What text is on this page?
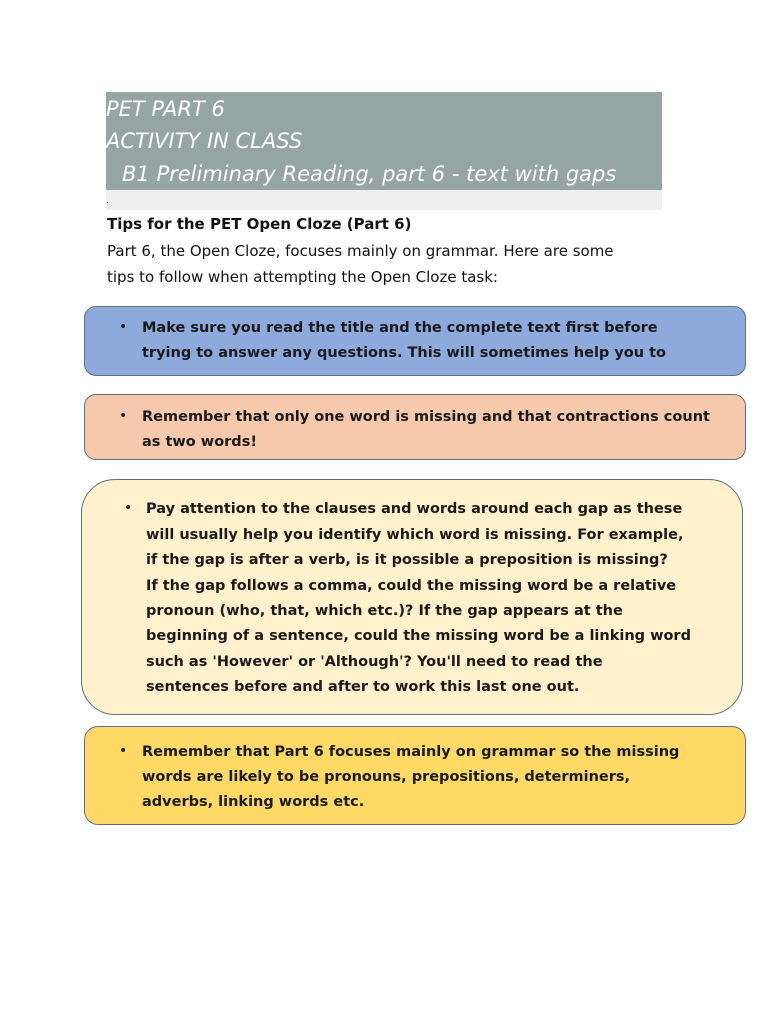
PET PART 6
ACTIVITY IN CLASS
B1 Preliminary Reading, part 6 - text with gaps
.
Tips for the PET Open Cloze (Part 6)

Part 6, the Open Cloze, focuses mainly on grammar. Here are some
tips to follow when attempting the Open Cloze task:

• Make sure you read the title and the complete text first before
trying to answer any questions. This will sometimes help you to
• Remember that only one word is missing and that contractions count
as two words!
• Pay attention to the clauses and words around each gap as these
will usually help you identify which word is missing. For example,
if the gap is after a verb, is it possible a preposition is missing?
If the gap follows a comma, could the missing word be a relative
pronoun (who, that, which etc.)? If the gap appears at the
beginning of a sentence, could the missing word be a linking word
such as 'However' or 'Although'? You'll need to read the
sentences before and after to work this last one out.
• Remember that Part 6 focuses mainly on grammar so the missing
words are likely to be pronouns, prepositions, determiners,
adverbs, linking words etc.
